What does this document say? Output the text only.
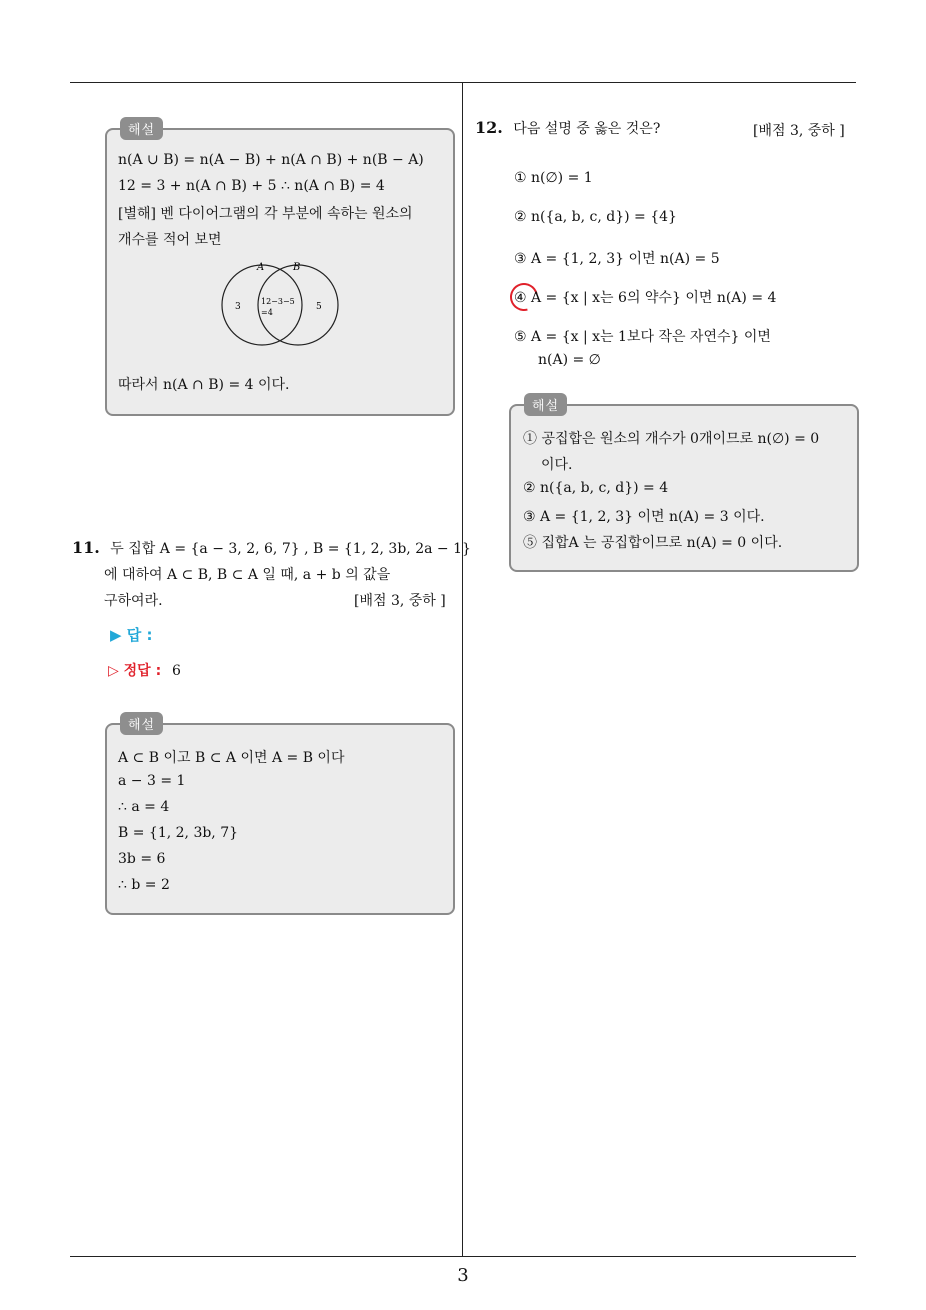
해설
n(A ∪ B) = n(A − B) + n(A ∩ B) + n(B − A)
12 = 3 + n(A ∩ B) + 5 ∴ n(A ∩ B) = 4
[별해] 벤 다이어그램의 각 부분에 속하는 원소의
개수를 적어 보면
A	B
3
12−3−5
=4
5
따라서 n(A ∩ B) = 4 이다.
11. 두 집합 A = {a − 3, 2, 6, 7} , B = {1, 2, 3b, 2a − 1}
에 대하여 A ⊂ B, B ⊂ A 일 때, a + b 의 값을
구하여라.	[배점 3, 중하 ]
▶ 답 :
▷ 정답 : 6
해설
A ⊂ B 이고 B ⊂ A 이면 A = B 이다
a − 3 = 1
∴ a = 4
B = {1, 2, 3b, 7}
3b = 6
∴ b = 2
12. 다음 설명 중 옳은 것은?	[배점 3, 중하 ]
① n(∅) = 1
② n({a, b, c, d}) = {4}
③ A = {1, 2, 3} 이면 n(A) = 5
④ A = {x | x는 6의 약수} 이면 n(A) = 4
⑤ A = {x | x는 1보다 작은 자연수} 이면
n(A) = ∅
해설
① 공집합은 원소의 개수가 0개이므로 n(∅) = 0
이다.
② n({a, b, c, d}) = 4
③ A = {1, 2, 3} 이면 n(A) = 3 이다.
⑤ 집합A 는 공집합이므로 n(A) = 0 이다.
3
